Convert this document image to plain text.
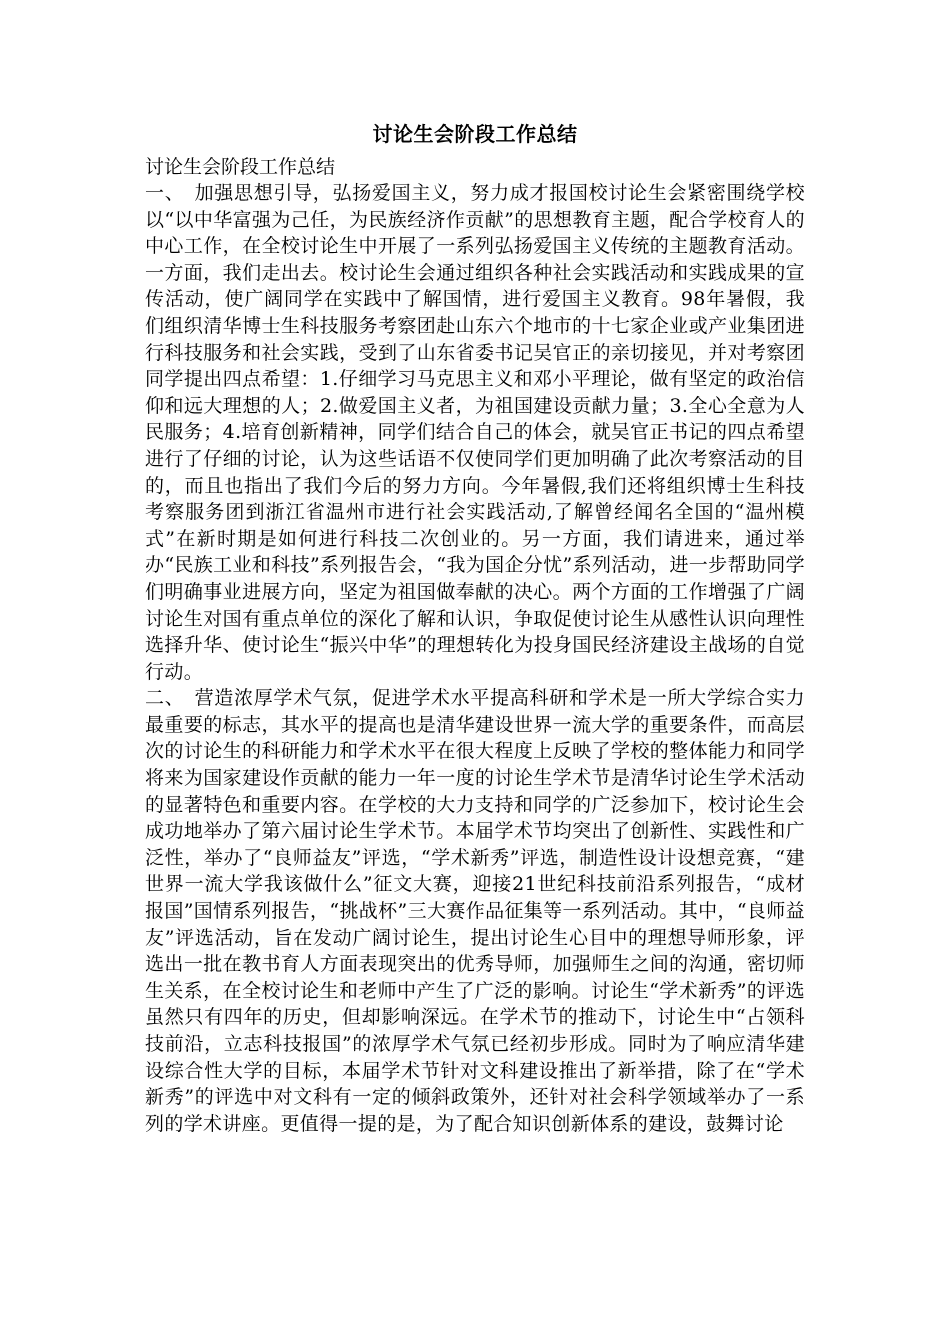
讨论生会阶段工作总结

讨论生会阶段工作总结

一、　加强思想引导，弘扬爱国主义，努力成才报国校讨论生会紧密围绕学校以“以中华富强为己任，为民族经济作贡献”的思想教育主题，配合学校育人的中心工作，在全校讨论生中开展了一系列弘扬爱国主义传统的主题教育活动。一方面，我们走出去。校讨论生会通过组织各种社会实践活动和实践成果的宣传活动，使广阔同学在实践中了解国情，进行爱国主义教育。98年暑假，我们组织清华博士生科技服务考察团赴山东六个地市的十七家企业或产业集团进行科技服务和社会实践，受到了山东省委书记吴官正的亲切接见，并对考察团同学提出四点希望：1.仔细学习马克思主义和邓小平理论，做有坚定的政治信仰和远大理想的人；2.做爱国主义者，为祖国建设贡献力量；3.全心全意为人民服务；4.培育创新精神，同学们结合自己的体会，就吴官正书记的四点希望进行了仔细的讨论，认为这些话语不仅使同学们更加明确了此次考察活动的目的，而且也指出了我们今后的努力方向。今年暑假,我们还将组织博士生科技考察服务团到浙江省温州市进行社会实践活动,了解曾经闻名全国的“温州模式”在新时期是如何进行科技二次创业的。另一方面，我们请进来，通过举办“民族工业和科技”系列报告会，“我为国企分忧”系列活动，进一步帮助同学们明确事业进展方向，坚定为祖国做奉献的决心。两个方面的工作增强了广阔讨论生对国有重点单位的深化了解和认识，争取促使讨论生从感性认识向理性选择升华、使讨论生“振兴中华”的理想转化为投身国民经济建设主战场的自觉行动。

二、　营造浓厚学术气氛，促进学术水平提高科研和学术是一所大学综合实力最重要的标志，其水平的提高也是清华建设世界一流大学的重要条件，而高层次的讨论生的科研能力和学术水平在很大程度上反映了学校的整体能力和同学将来为国家建设作贡献的能力一年一度的讨论生学术节是清华讨论生学术活动的显著特色和重要内容。在学校的大力支持和同学的广泛参加下，校讨论生会成功地举办了第六届讨论生学术节。本届学术节均突出了创新性、实践性和广泛性，举办了“良师益友”评选，“学术新秀”评选，制造性设计设想竞赛，“建世界一流大学我该做什么”征文大赛，迎接21世纪科技前沿系列报告，“成材报国”国情系列报告，“挑战杯”三大赛作品征集等一系列活动。其中，“良师益友”评选活动，旨在发动广阔讨论生，提出讨论生心目中的理想导师形象，评选出一批在教书育人方面表现突出的优秀导师，加强师生之间的沟通，密切师生关系，在全校讨论生和老师中产生了广泛的影响。讨论生“学术新秀”的评选虽然只有四年的历史，但却影响深远。在学术节的推动下，讨论生中“占领科技前沿，立志科技报国”的浓厚学术气氛已经初步形成。同时为了响应清华建设综合性大学的目标，本届学术节针对文科建设推出了新举措，除了在“学术新秀”的评选中对文科有一定的倾斜政策外，还针对社会科学领域举办了一系列的学术讲座。更值得一提的是，为了配合知识创新体系的建设，鼓舞讨论
